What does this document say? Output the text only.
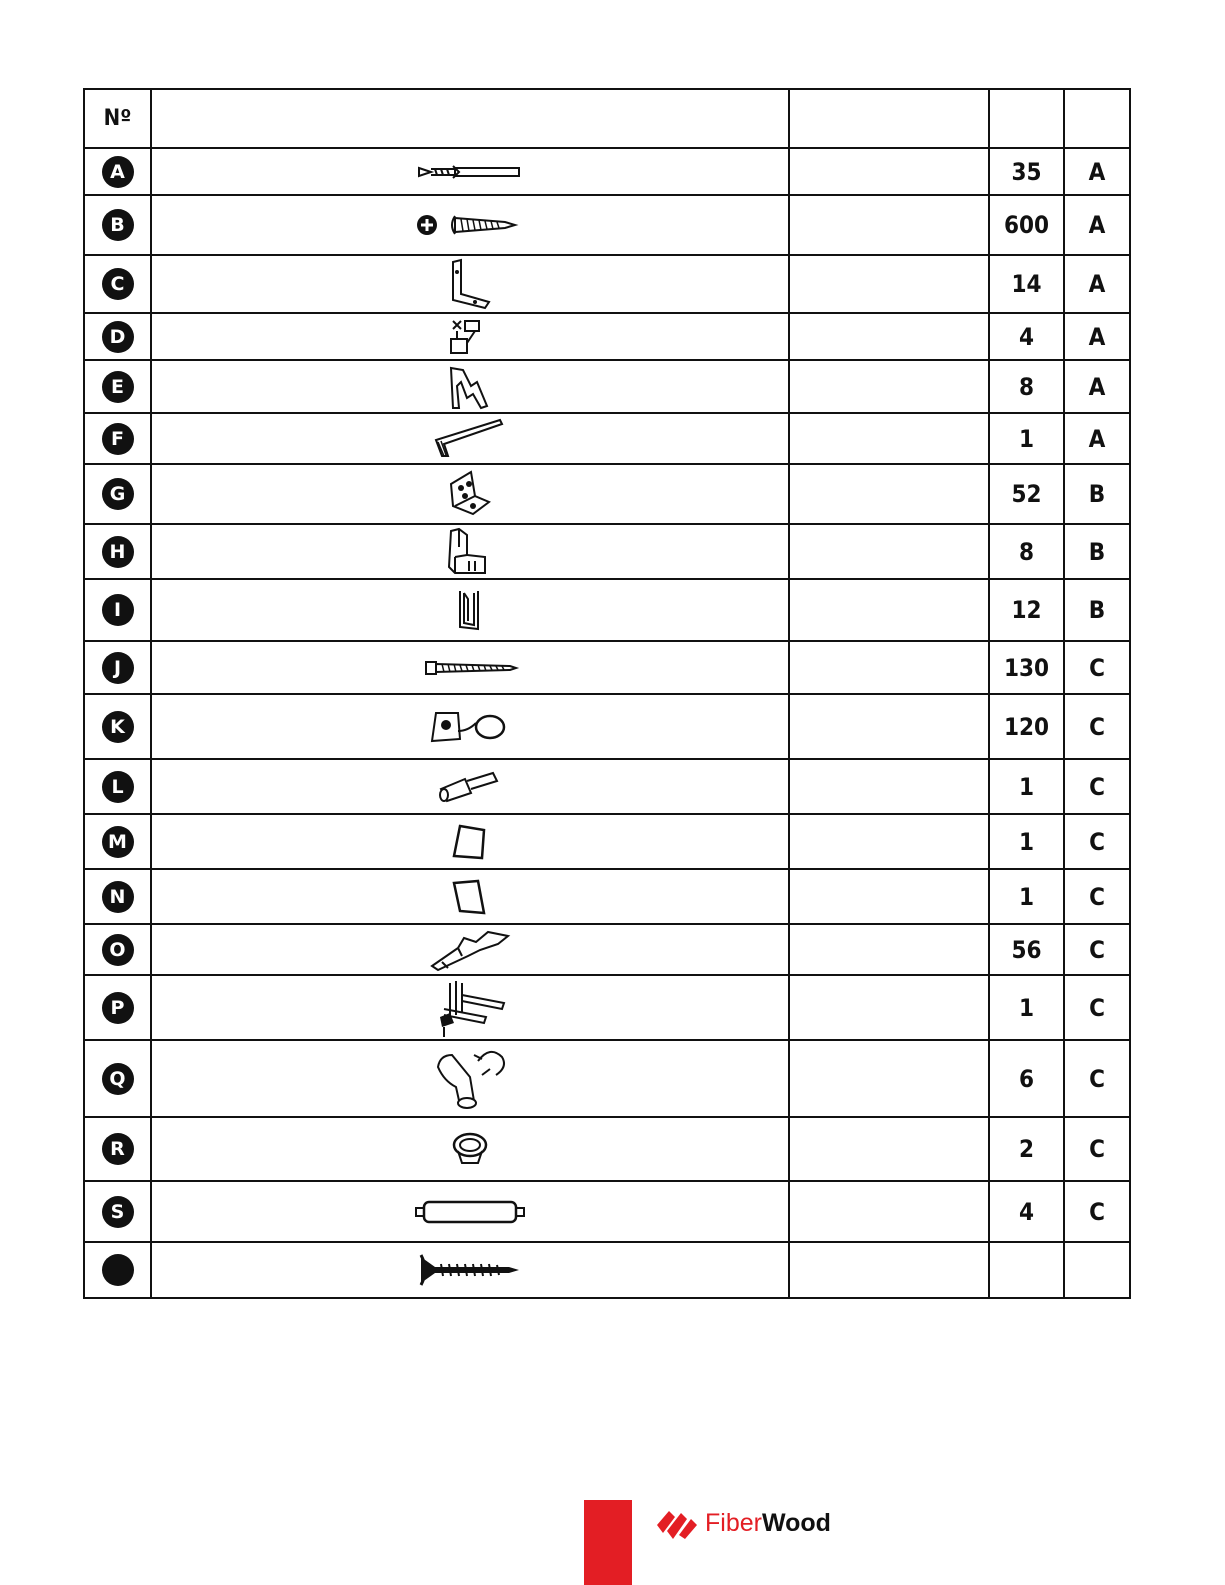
Nº				

A			35	A

B			600	A

C			14	A

D			4	A

E			8	A

F			1	A

G			52	B

H			8	B

I			12	B

J			130	C

K			120	C

L			1	C

M			1	C

N			1	C

O			56	C

P			1	C

Q			6	C

R			2	C

S			4	C

FiberWood
